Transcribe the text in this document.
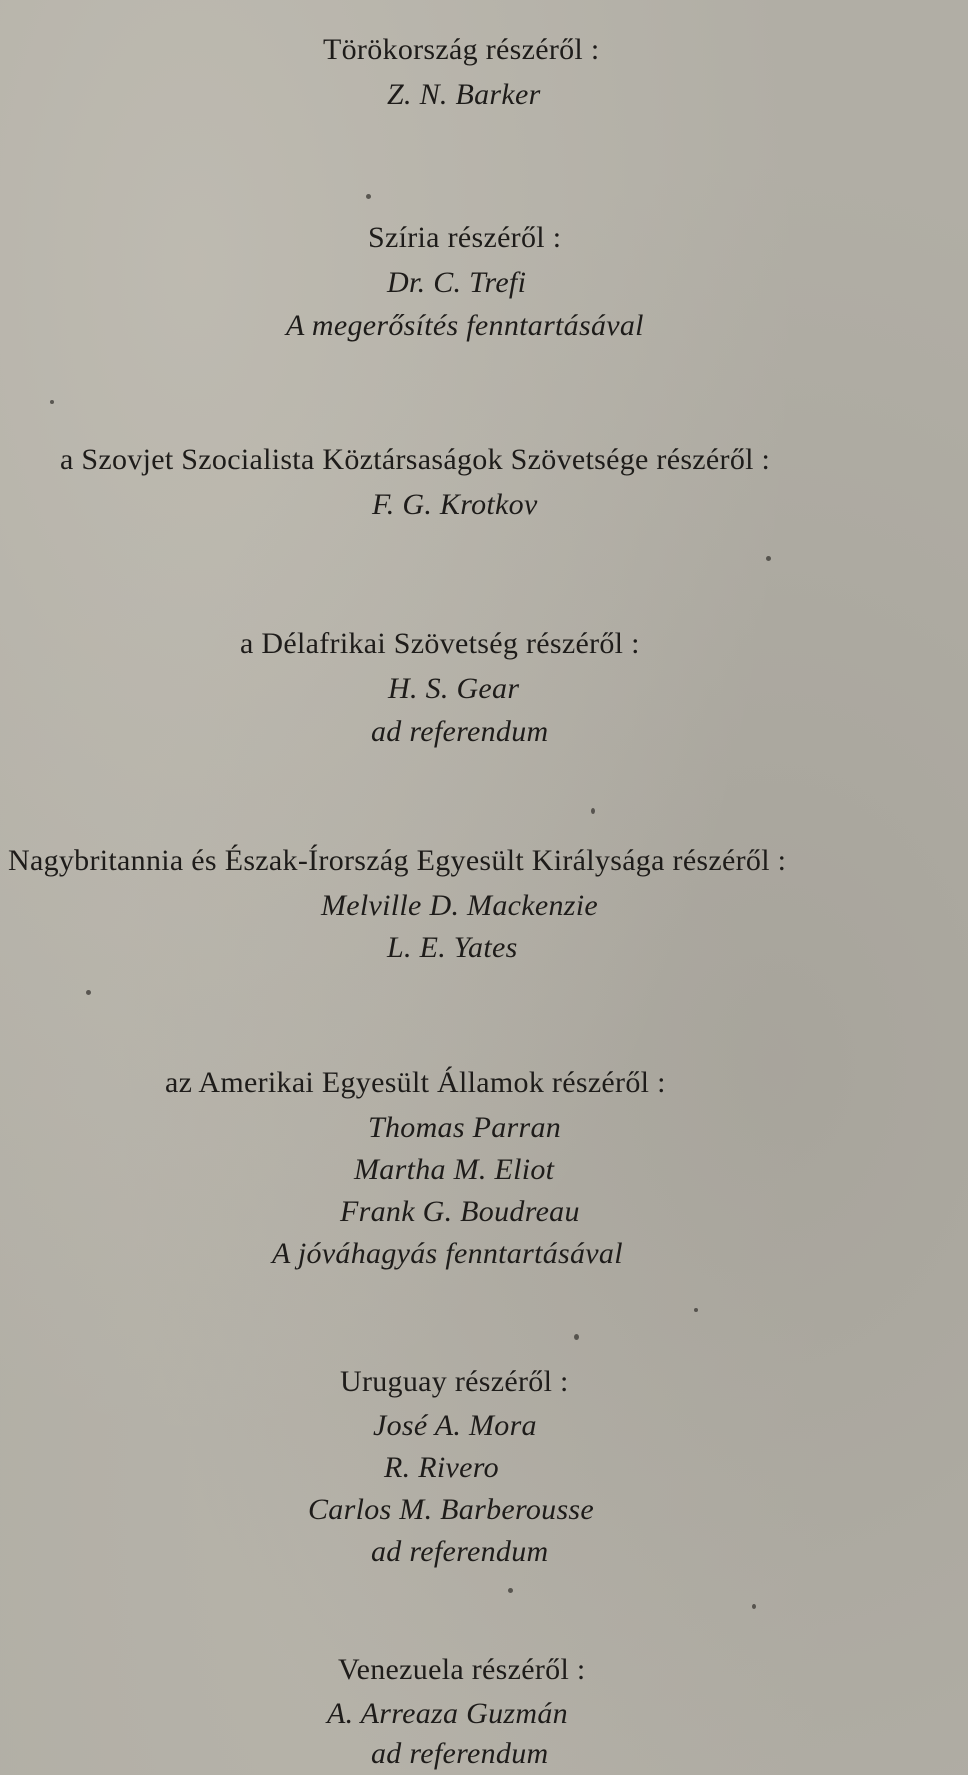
Törökország részéről :
Z. N. Barker
Szíria részéről :
Dr. C. Trefi
A megerősítés fenntartásával
a Szovjet Szocialista Köztársaságok Szövetsége részéről :
F. G. Krotkov
a Délafrikai Szövetség részéről :
H. S. Gear
ad referendum
Nagybritannia és Észak-Írország Egyesült Királysága részéről :
Melville D. Mackenzie
L. E. Yates
az Amerikai Egyesült Államok részéről :
Thomas Parran
Martha M. Eliot
Frank G. Boudreau
A jóváhagyás fenntartásával
Uruguay részéről :
José A. Mora
R. Rivero
Carlos M. Barberousse
ad referendum
Venezuela részéről :
A. Arreaza Guzmán
ad referendum
